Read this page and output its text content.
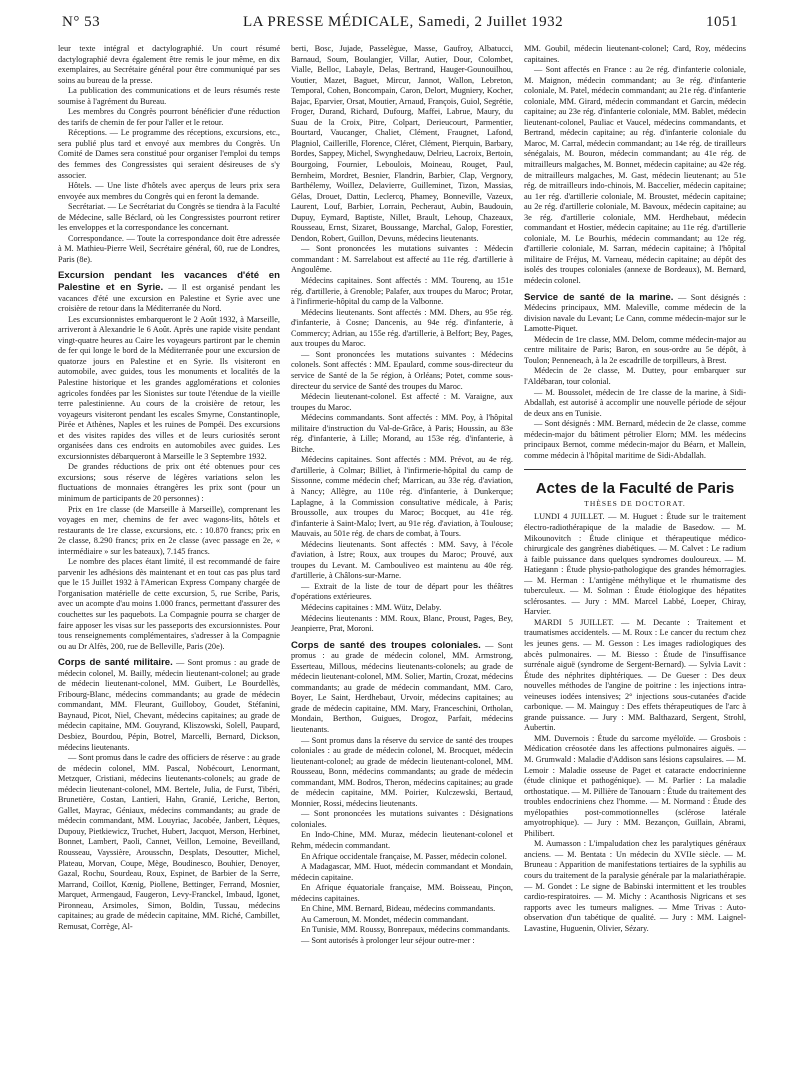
N° 53	LA PRESSE MÉDICALE, Samedi, 2 Juillet 1932	1051

leur texte intégral et dactylographié. Un court résumé dactylographié devra également être remis le jour même, en dix exemplaires, au Secrétaire général pour être communiqué par ses soins au bureau de la presse.

La publication des communications et de leurs résumés reste soumise à l'agrément du Bureau.

Les membres du Congrès pourront bénéficier d'une réduction des tarifs de chemin de fer pour l'aller et le retour.

Réceptions. — Le programme des réceptions, excursions, etc., sera publié plus tard et envoyé aux membres du Congrès. Un Comité de Dames sera constitué pour organiser l'emploi du temps des femmes des Congressistes qui seraient désireuses de s'y associer.

Hôtels. — Une liste d'hôtels avec aperçus de leurs prix sera envoyée aux membres du Congrès qui en feront la demande.

Secrétariat. — Le Secrétariat du Congrès se tiendra à la Faculté de Médecine, salle Béclard, où les Congressistes pourront retirer les enveloppes et la correspondance les concernant.

Correspondance. — Toute la correspondance doit être adressée à M. Mathieu-Pierre Weil, Secrétaire général, 60, rue de Londres, Paris (8e).

Excursion pendant les vacances d'été en Palestine et en Syrie. — Il est organisé pendant les vacances d'été une excursion en Palestine et Syrie avec une croisière de retour dans la Méditerranée du Nord.

Les excursionnistes embarqueront le 2 Août 1932, à Marseille, arriveront à Alexandrie le 6 Août. Après une rapide visite pendant vingt-quatre heures au Caire les voyageurs partiront par le chemin de fer qui longe le bord de la Méditerranée pour une excursion de quatorze jours en Palestine et en Syrie. Ils visiteront en automobile, avec guides, tous les monuments et localités de la Palestine historique et les grandes agglomérations et colonies agricoles fondées par les Sionistes sur toute l'étendue de la vieille terre palestinienne. Au cours de la croisière de retour, les voyageurs visiteront pendant les escales Smyrne, Constantinople, Pirée et Athènes, Naples et les ruines de Pompéi. Des excursions et des visites rapides des villes et de leurs curiosités seront organisées dans ces endroits en automobiles avec guides. Les excursionnistes débarqueront à Marseille le 3 Septembre 1932.

De grandes réductions de prix ont été obtenues pour ces excursions; sous réserve de légères variations selon les fluctuations de monnaies étrangères les prix sont (pour un minimum de participants de 20 personnes) :

Prix en 1re classe (de Marseille à Marseille), comprenant les voyages en mer, chemins de fer avec wagons-lits, hôtels et restaurants de 1re classe, excursions, etc. : 10.870 francs; prix en 2e classe, 8.290 francs; prix en 2e classe (avec passage en 2e, « intermédiaire » sur les bateaux), 7.145 francs.

Le nombre des places étant limité, il est recommandé de faire parvenir les adhésions dès maintenant et en tout cas pas plus tard que le 15 Juillet 1932 à l'American Express Company chargée de l'organisation matérielle de cette excursion, 5, rue Scribe, Paris, avec un acompte d'au moins 1.000 francs, permettant d'assurer des couchettes sur les paquebots. La Compagnie pourra se charger de faire apposer les visas sur les passeports des excursionnistes. Pour tous renseignements complémentaires, s'adresser à la Compagnie ou au Dr Alfès, 200, rue de Belleville, Paris (20e).

Corps de santé militaire. — Sont promus : au grade de médecin colonel, M. Bailly, médecin lieutenant-colonel; au grade de médecin lieutenant-colonel, MM. Guibert, Le Bourdellès, Fribourg-Blanc, médecins commandants; au grade de médecin commandant, MM. Fleurant, Guilloboy, Goudet, Stéfanini, Baynaud, Picot, Niel, Chevant, médecins capitaines; au grade de médecin capitaine, MM. Gouyrand, Kliszowski, Solell, Paupard, Desbiez, Bourdou, Pépin, Botrel, Marcelli, Bernard, Dickson, médecins lieutenants.

— Sont promus dans le cadre des officiers de réserve : au grade de médecin colonel, MM. Pascal, Nobécourt, Lenormant, Metzquer, Cristiani, médecins lieutenants-colonels; au grade de médecin lieutenant-colonel, MM. Bertele, Julia, de Furst, Tibéri, Brunetière, Costan, Lantieri, Hahn, Granié, Leriche, Berton, Gallet, Mayrac, Géniaux, médecins commandants; au grade de médecin commandant, MM. Louyriac, Jacobée, Janbert, Lèques, Dupouy, Pietkiewicz, Truchet, Hubert, Jacquot, Merson, Herbinet, Bonnet, Lambert, Paoli, Cannet, Veillon, Lemoine, Beveilland, Rousseau, Vayssière, Arousschn, Desplats, Desoutter, Michel, Plateau, Morvan, Coupe, Mège, Boudinesco, Bouhier, Denoyer, Gazal, Rochu, Sourdeau, Roux, Espinet, de Barbier de la Serre, Marrand, Coillot, Kœnig, Piollene, Bettinger, Ferrand, Mosnier, Marquet, Armengaud, Faugeron, Levy-Franckel, Imbaud, Igonet, Pironneau, Arsimoles, Simon, Boldin, Tussau, médecins capitaines; au grade de médecin capitaine, MM. Riché, Cambillet, Remusat, Corrège, Al-

berti, Bosc, Jujade, Passelègue, Masse, Gaufroy, Albatucci, Barnaud, Soum, Boulangier, Villar, Autier, Dour, Colombet, Vialle, Belloc, Labayle, Delas, Bertrand, Hauger-Gounouilhou, Voutier, Mazet, Baguet, Mircur, Jannot, Wallon, Lebreton, Temporal, Cohen, Boncompain, Caron, Delort, Mugniery, Kocher, Bajac, Eparvier, Orsat, Moutier, Arnaud, François, Guiol, Segrétie, Froger, Durand, Richard, Dufourg, Maffei, Labrue, Maury, du Suau de la Croix, Pitre, Colpart, Derieucourt, Parmentier, Bourtard, Vaucanger, Chaliet, Clément, Fraugnet, Lafond, Plagniol, Caillerille, Florence, Cléret, Clément, Pierquin, Barbary, Bordes, Sappey, Michel, Swynghedauw, Delrieu, Lacroix, Bertoin, Bourgoing, Fournier, Leboulois, Moineau, Rouget, Paul, Bernheim, Mordret, Besnier, Flandrin, Barbier, Clap, Vergnory, Barthélemy, Woillez, Delavierre, Guilleminet, Tizon, Massias, Gélas, Drouet, Dattin, Leclercq, Phamey, Bonneville, Vazeux, Laurent, Louf, Barbier, Lorrain, Pecheraut, Aubin, Baudouin, Dupuy, Eymard, Baptiste, Nillet, Brault, Lehoup, Chazeaux, Rousseau, Ernst, Sizaret, Boussange, Marchal, Galop, Forestier, Dendon, Robert, Guillon, Devuns, médecins lieutenants.

— Sont prononcées les mutations suivantes : Médecin commandant : M. Sarrelabout est affecté au 11e rég. d'artillerie à Angoulême.

Médecins capitaines. Sont affectés : MM. Tourenq, au 151e rég. d'artillerie, à Grenoble; Palafer, aux troupes du Maroc; Protar, à l'infirmerie-hôpital du camp de la Valbonne.

Médecins lieutenants. Sont affectés : MM. Dhers, au 95e rég. d'infanterie, à Cosne; Dancenis, au 94e rég. d'infanterie, à Commercy; Adrian, au 155e rég. d'artillerie, à Belfort; Bey, Pages, aux troupes du Maroc.

— Sont prononcées les mutations suivantes : Médecins colonels. Sont affectés : MM. Epaulard, comme sous-directeur du service de Santé de la 5e région, à Orléans; Potet, comme sous-directeur du service de Santé des troupes du Maroc.

Médecin lieutenant-colonel. Est affecté : M. Varaigne, aux troupes du Maroc.

Médecins commandants. Sont affectés : MM. Poy, à l'hôpital militaire d'instruction du Val-de-Grâce, à Paris; Houssin, au 83e rég. d'infanterie, à Lille; Morand, au 153e rég. d'infanterie, à Bitche.

Médecins capitaines. Sont affectés : MM. Prévot, au 4e rég. d'artillerie, à Colmar; Billiet, à l'infirmerie-hôpital du camp de Sissonne, comme médecin chef; Marrican, au 33e rég. d'aviation, à Nancy; Allègre, au 110e rég. d'infanterie, à Dunkerque; Laplagne, à la Commission consultative médicale, à Paris; Broussolle, aux troupes du Maroc; Bocquet, au 41e rég. d'infanterie à Saint-Malo; Ivert, au 91e rég. d'aviation, à Toulouse; Mauvais, au 501e rég. de chars de combat, à Tours.

Médecins lieutenants. Sont affectés : MM. Savy, à l'école d'aviation, à Istre; Roux, aux troupes du Maroc; Prouvé, aux troupes du Levant. M. Cambouliveo est maintenu au 40e rég. d'artillerie, à Châlons-sur-Marne.

— Extrait de la liste de tour de départ pour les théâtres d'opérations extérieures.

Médecins capitaines : MM. Wütz, Delaby.

Médecins lieutenants : MM. Roux, Blanc, Proust, Pages, Bey, Jeanpierre, Prat, Moroni.

Corps de santé des troupes coloniales. — Sont promus : au grade de médecin colonel, MM. Armstrong, Esserteau, Millous, médecins lieutenants-colonels; au grade de médecin lieutenant-colonel, MM. Solier, Martin, Crozat, médecins commandants; au grade de médecin commandant, MM. Caro, Boyer, Le Saint, Herdhebaut, Urvoir, médecins capitaines; au grade de médecin capitaine, MM. Mary, Franceschini, Ortholan, Mondain, Berthon, Guigues, Drogoz, Parfait, médecins lieutenants.

— Sont promus dans la réserve du service de santé des troupes coloniales : au grade de médecin colonel, M. Brocquet, médecin lieutenant-colonel; au grade de médecin lieutenant-colonel, MM. Rousseau, Bonn, médecins commandants; au grade de médecin commandant, MM. Bodros, Theron, médecins capitaines; au grade de médecin capitaine, MM. Poirier, Kulczewski, Bertaud, Monnier, Rossi, médecins lieutenants.

— Sont prononcées les mutations suivantes : Désignations coloniales.

En Indo-Chine, MM. Muraz, médecin lieutenant-colonel et Rehm, médecin commandant.

En Afrique occidentale française, M. Passer, médecin colonel.

A Madagascar, MM. Huot, médecin commandant et Mondain, médecin capitaine.

En Afrique équatoriale française, MM. Boisseau, Pinçon, médecins capitaines.

En Chine, MM. Bernard, Bideau, médecins commandants.

Au Cameroun, M. Mondet, médecin commandant.

En Tunisie, MM. Roussy, Bonrepaux, médecins commandants.

— Sont autorisés à prolonger leur séjour outre-mer :

MM. Goubil, médecin lieutenant-colonel; Card, Roy, médecins capitaines.

— Sont affectés en France : au 2e rég. d'infanterie coloniale, M. Maignon, médecin commandant; au 3e rég. d'infanterie coloniale, M. Patel, médecin commandant; au 21e rég. d'infanterie coloniale, MM. Girard, médecin commandant et Garcin, médecin capitaine; au 23e rég. d'infanterie coloniale, MM. Bablet, médecin lieutenant-colonel, Pauliac et Vaucel, médecins commandants, et Bertrand, médecin capitaine; au rég. d'infanterie coloniale du Maroc, M. Carral, médecin commandant; au 14e rég. de tirailleurs sénégalais, M. Bouron, médecin commandant; au 41e rég. de mitrailleurs malgaches, M. Bonnet, médecin capitaine; au 42e rég. de mitrailleurs malgaches, M. Gast, médecin lieutenant; au 51e rég. de mitrailleurs indo-chinois, M. Baccelier, médecin capitaine; au 1er rég. d'artillerie coloniale, M. Broustet, médecin capitaine; au 2e rég. d'artillerie coloniale, M. Bavoux, médecin capitaine; au 3e rég. d'artillerie coloniale, MM. Herdhebaut, médecin commandant et Hostier, médecin capitaine; au 11e rég. d'artillerie coloniale, M. Le Bourhis, médecin commandant; au 12e rég. d'artillerie coloniale, M. Sarran, médecin capitaine; à l'hôpital militaire de Fréjus, M. Varneau, médecin capitaine; au dépôt des isolés des troupes coloniales (annexe de Bordeaux), M. Bernard, médecin colonel.

Service de santé de la marine. — Sont désignés : Médecins principaux, MM. Maleville, comme médecin de la division navale du Levant; Le Cann, comme médecin-major sur le Lamotte-Piquet.

Médecin de 1re classe, MM. Delom, comme médecin-major au centre militaire de Paris; Baron, en sous-ordre au 5e dépôt, à Toulon; Penneneach, à la 2e escadrille de torpilleurs, à Brest.

Médecin de 2e classe, M. Duttey, pour embarquer sur l'Aldébaran, tour colonial.

— M. Boussolet, médecin de 1re classe de la marine, à Sidi-Abdallah, est autorisé à accomplir une nouvelle période de séjour de deux ans en Tunisie.

— Sont désignés : MM. Bernard, médecin de 2e classe, comme médecin-major du bâtiment pétrolier Elorn; MM. les médecins principaux Bernot, comme médecin-major du Béarn, et Mallein, comme médecin à l'hôpital maritime de Sidi-Abdallah.

Actes de la Faculté de Paris
THÈSES DE DOCTORAT.

LUNDI 4 JUILLET. — M. Huguet : Étude sur le traitement électro-radiothérapique de la maladie de Basedow. — M. Mikounovitch : Étude clinique et thérapeutique médico-chirurgicale des gangrènes diabétiques. — M. Calvet : Le radium à faible puissance dans quelques syndromes douloureux. — M. Hatiegann : Étude physio-pathologique des grandes hémorragies. — M. Herman : L'antigène méthylique et le rhumatisme des tuberculeux. — M. Solman : Étude étiologique des hépatites sclérosantes. — Jury : MM. Marcel Labbé, Loeper, Chiray, Harvier.

MARDI 5 JUILLET. — M. Decante : Traitement et traumatismes accidentels. — M. Roux : Le cancer du rectum chez les jeunes gens. — M. Gesson : Les images radiologiques des abcès pulmonaires. — M. Biesso : Étude de l'insuffisance surrénale aiguë (syndrome de Sergent-Bernard). — Sylvia Lavit : Étude des néphrites diphtériques. — De Gueser : Des deux nouvelles méthodes de l'angine de poitrine : les injections intra-veineuses iodées intensives; 2° injections sous-cutanées d'acide carbonique. — M. Mainguy : Des effets thérapeutiques de l'arc à grande puissance. — Jury : MM. Balthazard, Sergent, Strohl, Aubertin.

MM. Duvernois : Étude du sarcome myéloïde. — Grosbois : Médication créosotée dans les affections pulmonaires aiguës. — M. Grumwald : Maladie d'Addison sans lésions capsulaires. — M. Lemoir : Maladie osseuse de Paget et cataracte endocrinienne (étude clinique et pathogénique). — M. Parlier : La maladie orthostatique. — M. Pillière de Tanouarn : Étude du traitement des troubles endocriniens chez l'homme. — M. Normand : Étude des myélopathies post-commotionnelles (sclérose latérale amyotrophique). — Jury : MM. Bezançon, Guillain, Abrami, Philibert.

M. Aumasson : L'impaludation chez les paralytiques généraux anciens. — M. Bentata : Un médecin du XVIIe siècle. — M. Bruneau : Apparition de manifestations tertiaires de la syphilis au cours du traitement de la paralysie générale par la malariathérapie. — M. Gondet : Le signe de Babinski intermittent et les troubles cardio-respiratoires. — M. Michy : Acanthosis Nigricans et ses rapports avec les tumeurs malignes. — Mme Trivas : Auto-observation d'un tabétique de qualité. — Jury : MM. Laignel-Lavastine, Huguenin, Olivier, Sézary.
